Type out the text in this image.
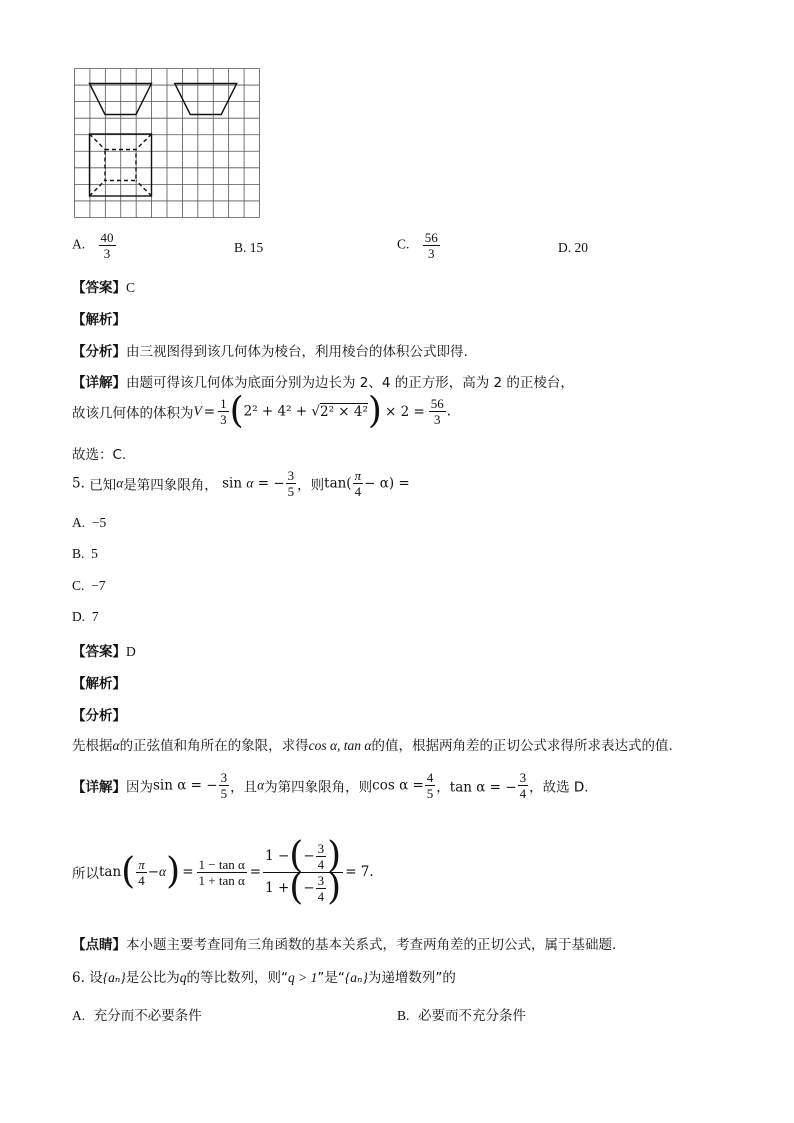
A. $\frac{40}{3}$	B. 15	C. $\frac{56}{3}$	D. 20
【答案】C
【解析】
【分析】由三视图得到该几何体为棱台，利用棱台的体积公式即得.
【详解】由题可得该几何体为底面分别为边长为 2、4 的正方形，高为 2 的正棱台，
故该几何体的体积为$V = \frac{1}{3} (2^2 + 4^2 + √2^2 \times 4^2) \times 2 = \frac{56}{3}$ .
故选：C.
5. 已知α是第四象限角， sin α = − $\frac{3}{5}$ ，则$\tan( \frac{\pi}{4} - \alpha)$ =
A. −5
B. 5
C. −7
D. 7
【答案】D
【解析】
【分析】
先根据α的正弦值和角所在的象限，求得cos α, tan α的值，根据两角差的正切公式求得所求表达式的值.
【详解】因为sin α = − $\frac{3}{5}$ ，且α为第四象限角，则$\cos \alpha = \frac{4}{5}$ ，tan α = − $\frac{3}{4}$ ，故选 D.
所以 tan ( $\frac{\pi}{4} - \alpha$ ) = $\frac{\text{1 − tan α}}{\text{1 + tan α}}$ =
1 − ( − $\frac{3}{4}$ )
1 + ( − $\frac{3}{4}$ ) = 7.
【点睛】本小题主要考查同角三角函数的基本关系式，考查两角差的正切公式，属于基础题.
6. 设{aₙ}是公比为q的等比数列，则“q > 1”是“{aₙ}为递增数列”的
A. 充分而不必要条件	B. 必要而不充分条件
